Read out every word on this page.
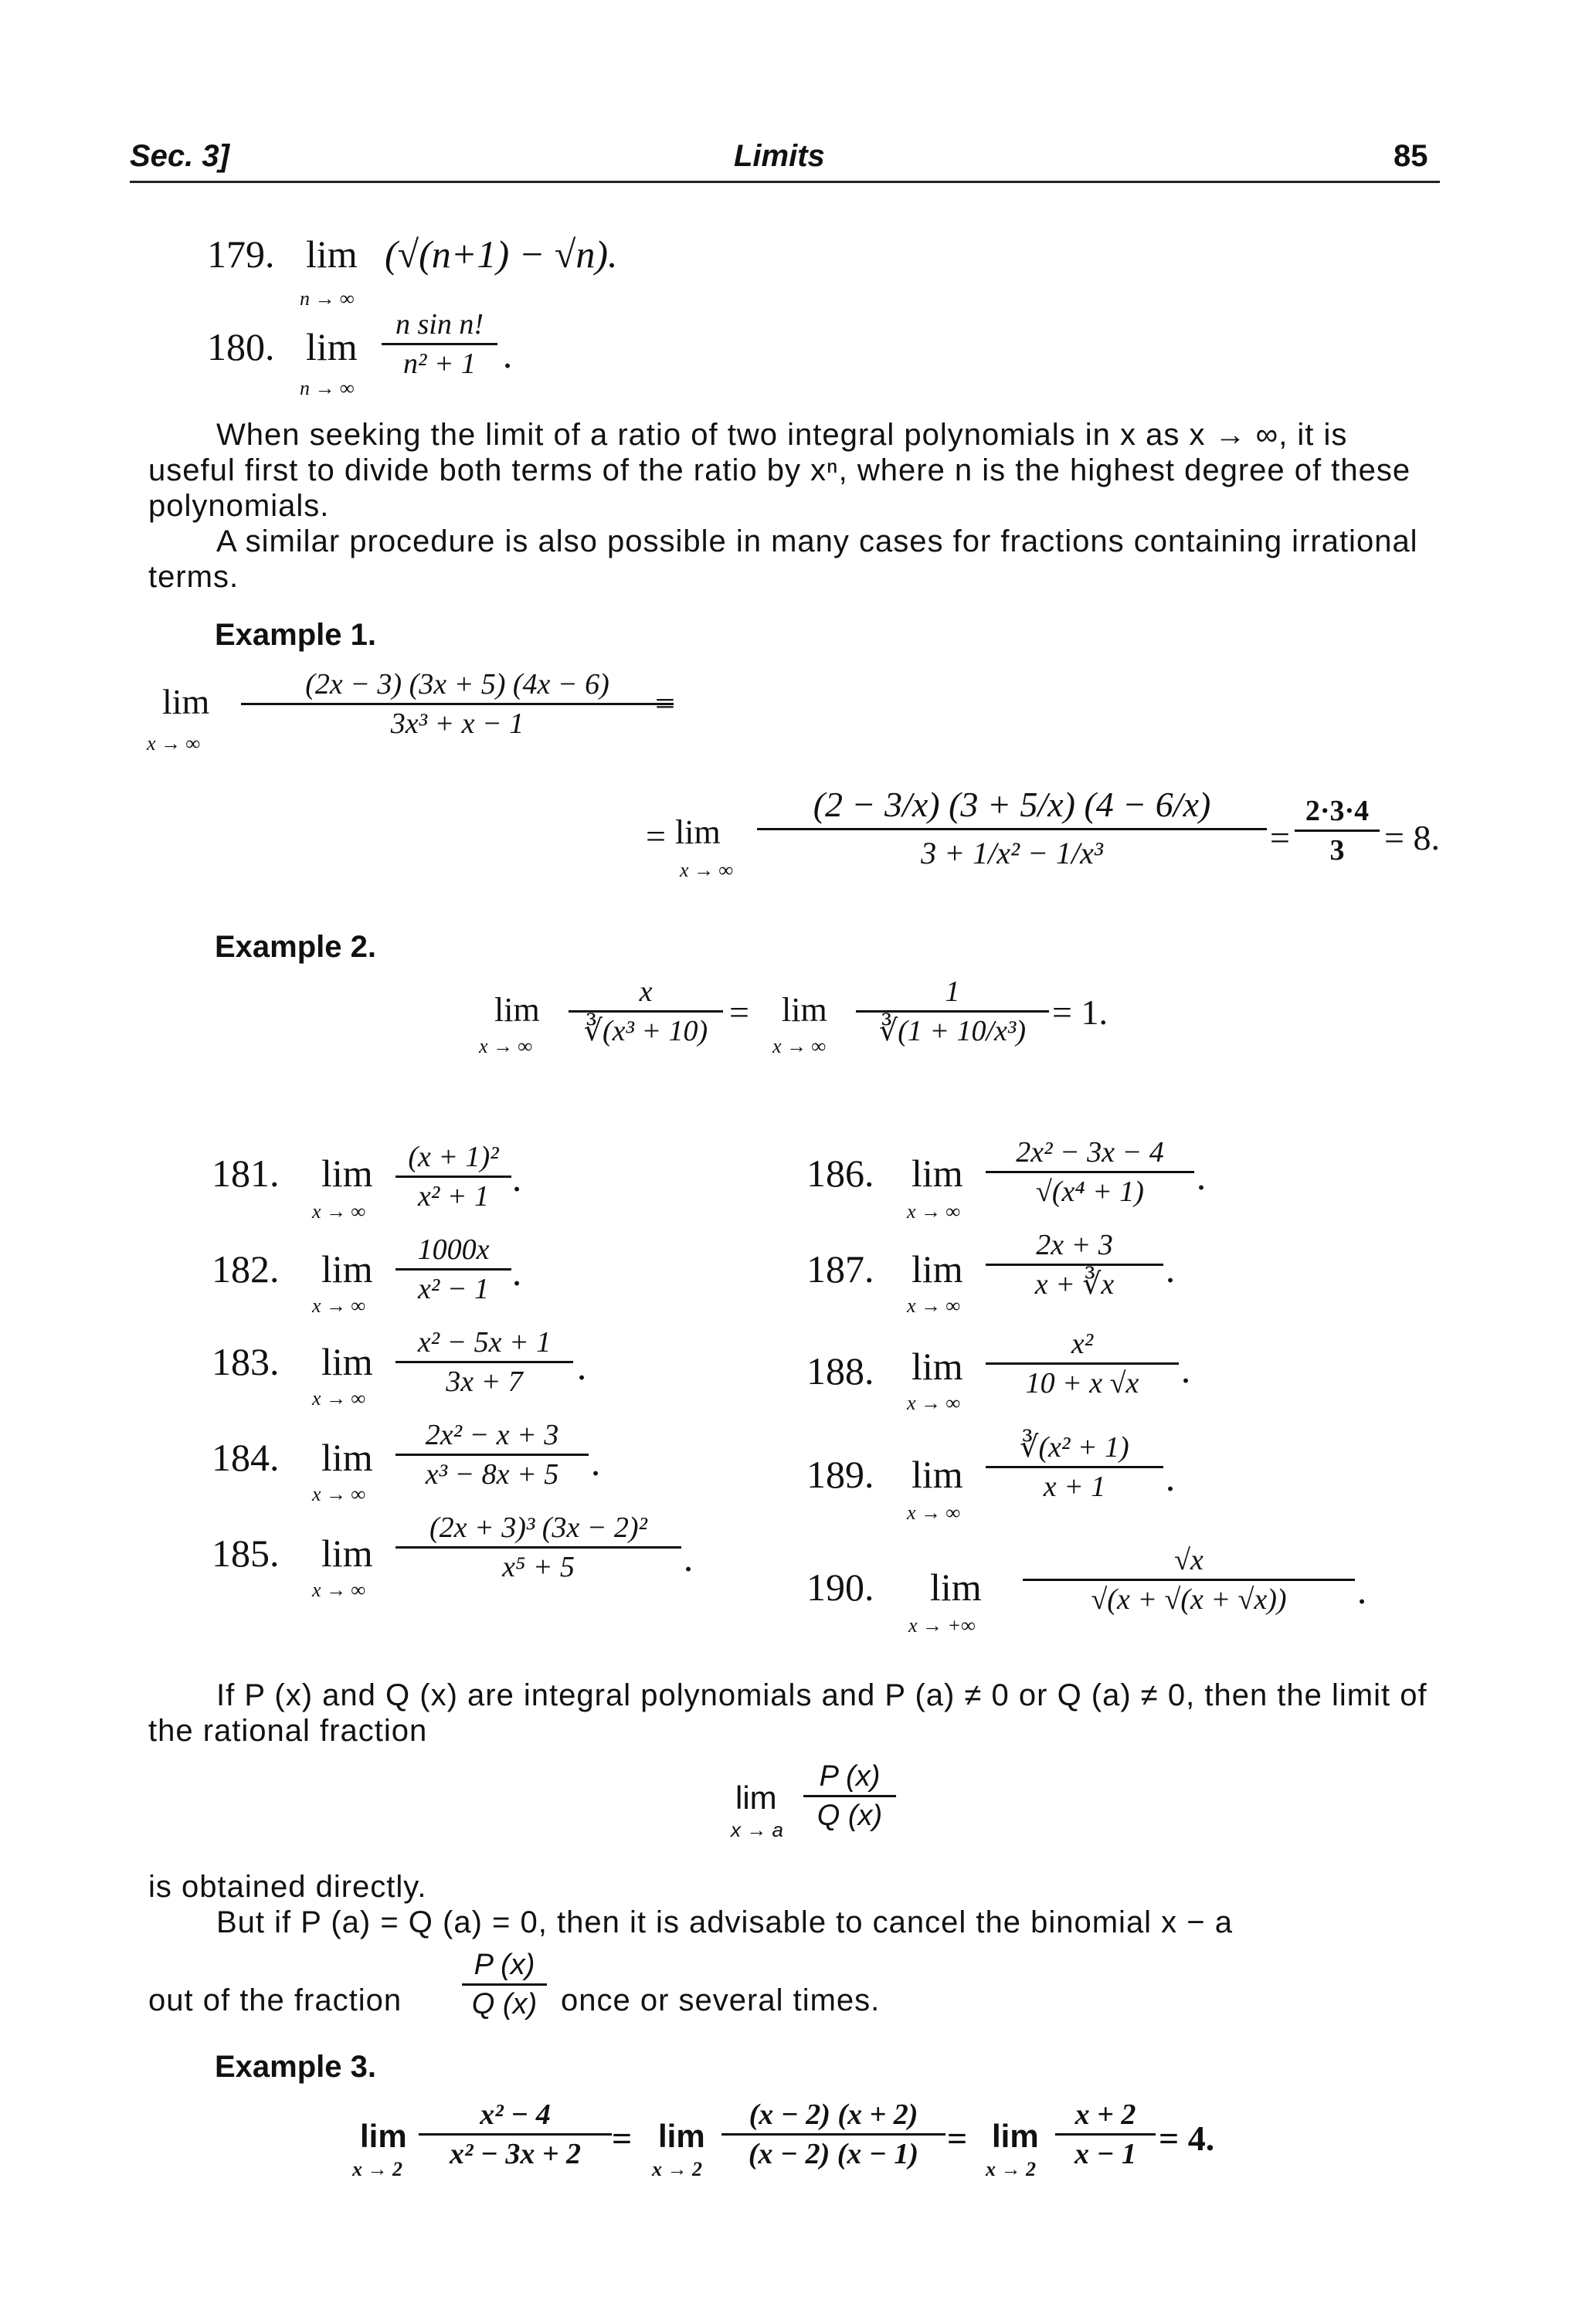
Sec. 3]	Limits	85
179. lim
n → ∞
(√(n+1) − √n).
180. lim
n → ∞
n sin n!
n² + 1 .
When seeking the limit of a ratio of two integral polynomials in x as x → ∞, it is useful first to divide both terms of the ratio by xⁿ, where n is the highest degree of these polynomials.
A similar procedure is also possible in many cases for fractions containing irrational terms.
Example 1.
lim
x → ∞
(2x − 3) (3x + 5) (4x − 6)
3x³ + x − 1
=
= lim
x → ∞
(2 − 3/x) (3 + 5/x) (4 − 6/x)
3 + 1/x² − 1/x³	=
2·3·4
3	= 8.
Example 2.
lim
x → ∞
x
∛(x³ + 10) = lim
x → ∞
1
∛(1 + 10/x³) = 1.
181. lim
x → ∞
(x + 1)²
x² + 1 .
182. lim
x → ∞
1000x
x² − 1 .
183. lim
x → ∞
x² − 5x + 1
3x + 7	.
184. lim
x → ∞
2x² − x + 3
x³ − 8x + 5 .
185. lim
x → ∞
(2x + 3)³ (3x − 2)²
x⁵ + 5	.
186. lim
x → ∞
2x² − 3x − 4
√(x⁴ + 1)	.
187. lim
x → ∞
2x + 3
x + ∛x	.
188. lim
x → ∞
x²
10 + x √x	.
189. lim
x → ∞
∛(x² + 1)
x + 1	.
190. lim
x → +∞
√x
√(x + √(x + √x))	.
If P (x) and Q (x) are integral polynomials and P (a) ≠ 0 or Q (a) ≠ 0, then the limit of the rational fraction
lim
x → a
P (x)
Q (x)
is obtained directly.
But if P (a) = Q (a) = 0, then it is advisable to cancel the binomial x − a
out of the fraction
P (x)
Q (x) once or several times.
Example 3.
lim
x → 2
x² − 4
x² − 3x + 2 = lim
x → 2
(x − 2) (x + 2)
(x − 2) (x − 1) = lim
x → 2
x + 2
x − 1 = 4.
